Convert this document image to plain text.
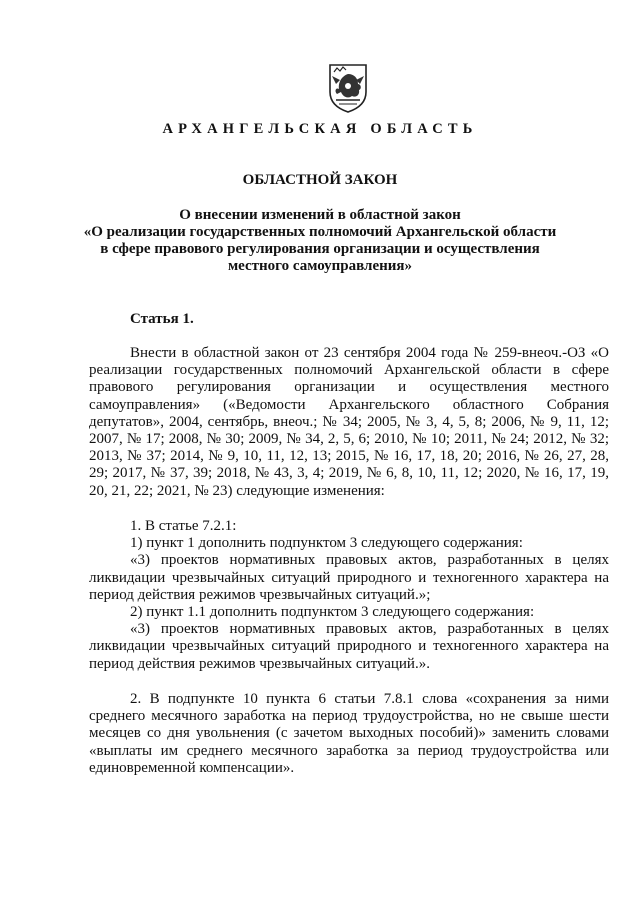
АРХАНГЕЛЬСКАЯ ОБЛАСТЬ
ОБЛАСТНОЙ ЗАКОН
О внесении изменений в областной закон
«О реализации государственных полномочий Архангельской области
в сфере правового регулирования организации и осуществления
местного самоуправления»
Статья 1.

Внести в областной закон от 23 сентября 2004 года № 259-внеоч.-ОЗ «О реализации государственных полномочий Архангельской области в сфере правового регулирования организации и осуществления местного самоуправления» («Ведомости Архангельского областного Собрания депутатов», 2004, сентябрь, внеоч.; № 34; 2005, № 3, 4, 5, 8; 2006, № 9, 11, 12; 2007, № 17; 2008, № 30; 2009, № 34, 2, 5, 6; 2010, № 10; 2011, № 24; 2012, № 32; 2013, № 37; 2014, № 9, 10, 11, 12, 13; 2015, № 16, 17, 18, 20; 2016, № 26, 27, 28, 29; 2017, № 37, 39; 2018, № 43, 3, 4; 2019, № 6, 8, 10, 11, 12; 2020, № 16, 17, 19, 20, 21, 22; 2021, № 23) следующие изменения:

1. В статье 7.2.1:

1) пункт 1 дополнить подпунктом 3 следующего содержания:

«3) проектов нормативных правовых актов, разработанных в целях ликвидации чрезвычайных ситуаций природного и техногенного характера на период действия режимов чрезвычайных ситуаций.»;

2) пункт 1.1 дополнить подпунктом 3 следующего содержания:

«3) проектов нормативных правовых актов, разработанных в целях ликвидации чрезвычайных ситуаций природного и техногенного характера на период действия режимов чрезвычайных ситуаций.».

2. В подпункте 10 пункта 6 статьи 7.8.1 слова «сохранения за ними среднего месячного заработка на период трудоустройства, но не свыше шести месяцев со дня увольнения (с зачетом выходных пособий)» заменить словами «выплаты им среднего месячного заработка за период трудоустройства или единовременной компенсации».
